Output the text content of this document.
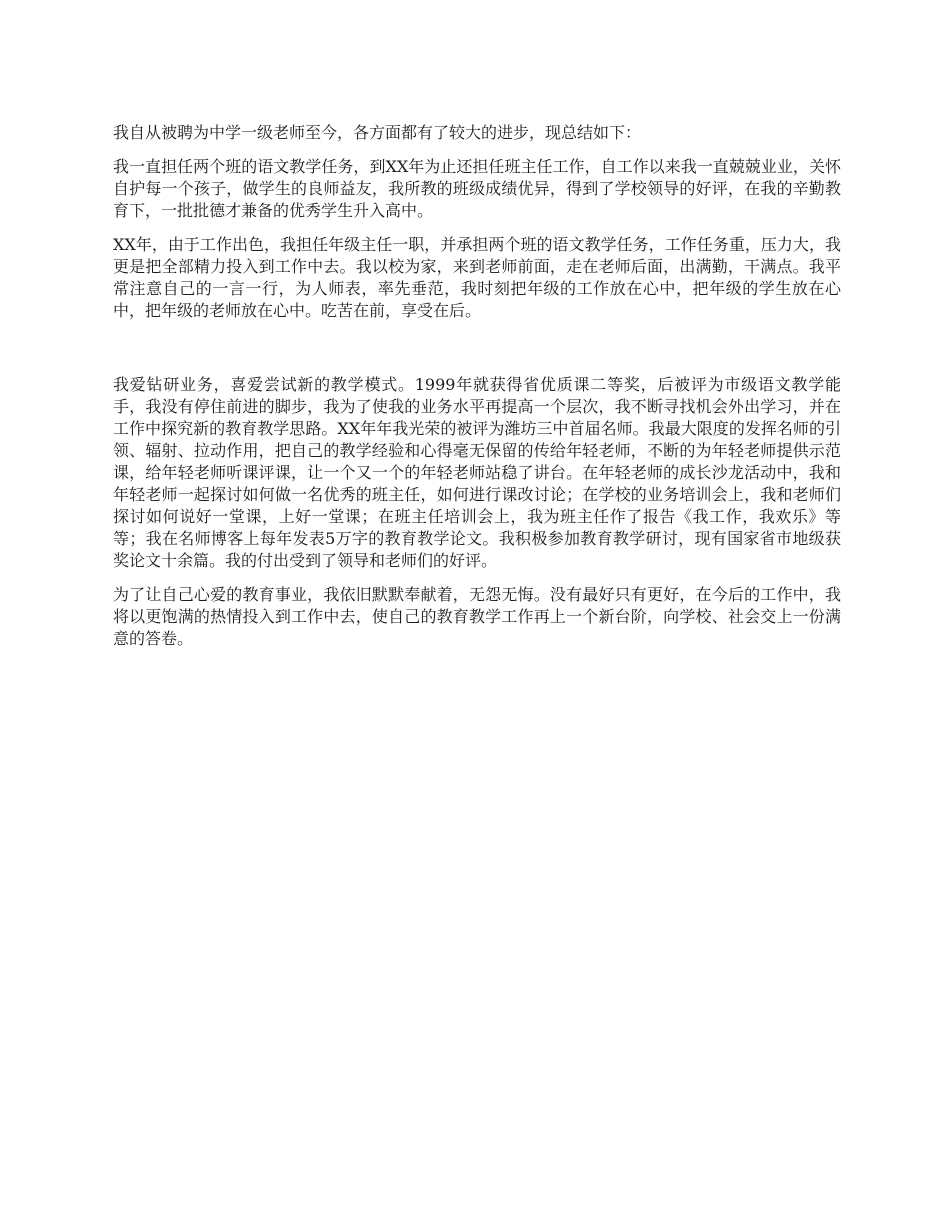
我自从被聘为中学一级老师至今，各方面都有了较大的进步，现总结如下：

我一直担任两个班的语文教学任务，到XX年为止还担任班主任工作，自工作以来我一直兢兢业业，关怀自护每一个孩子，做学生的良师益友，我所教的班级成绩优异，得到了学校领导的好评，在我的辛勤教育下，一批批德才兼备的优秀学生升入高中。

XX年，由于工作出色，我担任年级主任一职，并承担两个班的语文教学任务，工作任务重，压力大，我更是把全部精力投入到工作中去。我以校为家，来到老师前面，走在老师后面，出满勤，干满点。我平常注意自己的一言一行，为人师表，率先垂范，我时刻把年级的工作放在心中，把年级的学生放在心中，把年级的老师放在心中。吃苦在前，享受在后。

我爱钻研业务，喜爱尝试新的教学模式。1999年就获得省优质课二等奖，后被评为市级语文教学能手，我没有停住前进的脚步，我为了使我的业务水平再提高一个层次，我不断寻找机会外出学习，并在工作中探究新的教育教学思路。XX年年我光荣的被评为潍坊三中首届名师。我最大限度的发挥名师的引领、辐射、拉动作用，把自己的教学经验和心得毫无保留的传给年轻老师，不断的为年轻老师提供示范课，给年轻老师听课评课，让一个又一个的年轻老师站稳了讲台。在年轻老师的成长沙龙活动中，我和年轻老师一起探讨如何做一名优秀的班主任，如何进行课改讨论；在学校的业务培训会上，我和老师们探讨如何说好一堂课，上好一堂课；在班主任培训会上，我为班主任作了报告《我工作，我欢乐》等等；我在名师博客上每年发表5万字的教育教学论文。我积极参加教育教学研讨，现有国家省市地级获奖论文十余篇。我的付出受到了领导和老师们的好评。

为了让自己心爱的教育事业，我依旧默默奉献着，无怨无悔。没有最好只有更好，在今后的工作中，我将以更饱满的热情投入到工作中去，使自己的教育教学工作再上一个新台阶，向学校、社会交上一份满意的答卷。
